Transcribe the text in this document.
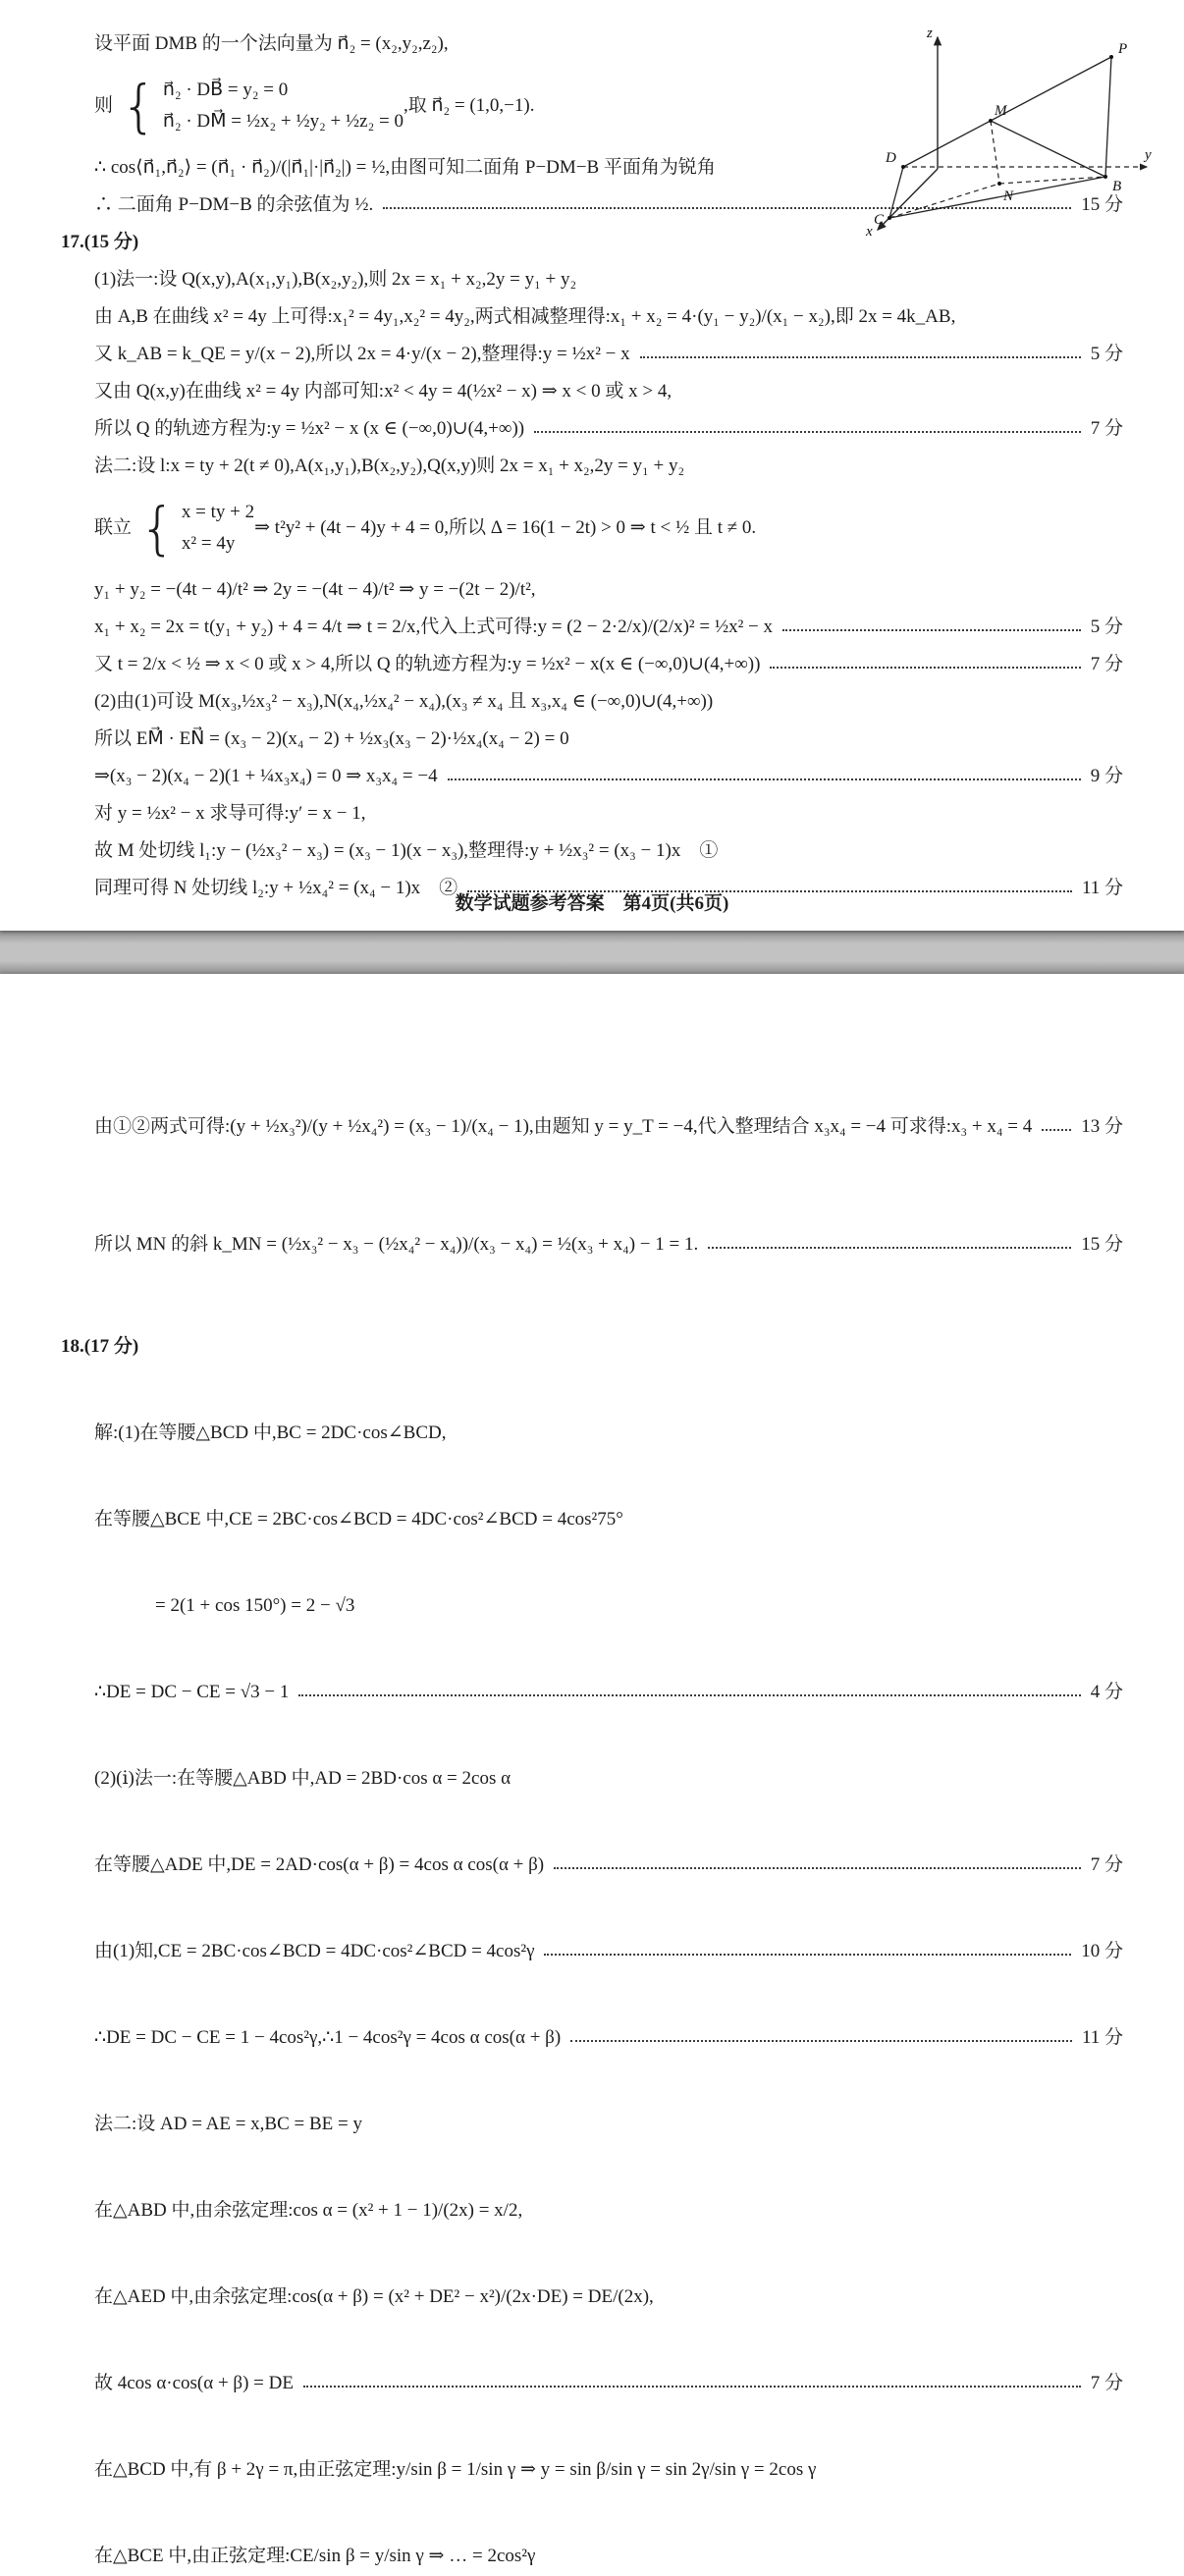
设平面 DMB 的一个法向量为 n⃗₂ = (x₂,y₂,z₂),
则 { n⃗₂ · DB⃗ = y₂ = 0
n⃗₂ · DM⃗ = ½x₂ + ½y₂ + ½z₂ = 0
,取 n⃗₂ = (1,0,−1).
∴ cos⟨n⃗₁,n⃗₂⟩ = (n⃗₁ · n⃗₂)/(|n⃗₁|·|n⃗₂|) = ½,由图可知二面角 P−DM−B 平面角为锐角
∴ 二面角 P−DM−B 的余弦值为 ½.	15 分
17.(15 分)
(1)法一:设 Q(x,y),A(x₁,y₁),B(x₂,y₂),则 2x = x₁ + x₂,2y = y₁ + y₂
由 A,B 在曲线 x² = 4y 上可得:x₁² = 4y₁,x₂² = 4y₂,两式相减整理得:x₁ + x₂ = 4·(y₁ − y₂)/(x₁ − x₂),即 2x = 4k_AB,
又 k_AB = k_QE = y/(x − 2),所以 2x = 4·y/(x − 2),整理得:y = ½x² − x	5 分
又由 Q(x,y)在曲线 x² = 4y 内部可知:x² < 4y = 4(½x² − x) ⇒ x < 0 或 x > 4,
所以 Q 的轨迹方程为:y = ½x² − x (x ∈ (−∞,0)∪(4,+∞))	7 分
法二:设 l:x = ty + 2(t ≠ 0),A(x₁,y₁),B(x₂,y₂),Q(x,y)则 2x = x₁ + x₂,2y = y₁ + y₂
联立 { x = ty + 2
x² = 4y
⇒ t²y² + (4t − 4)y + 4 = 0,所以 Δ = 16(1 − 2t) > 0 ⇒ t < ½ 且 t ≠ 0.
y₁ + y₂ = −(4t − 4)/t² ⇒ 2y = −(4t − 4)/t² ⇒ y = −(2t − 2)/t²,
x₁ + x₂ = 2x = t(y₁ + y₂) + 4 = 4/t ⇒ t = 2/x,代入上式可得:y = (2 − 2·2/x)/(2/x)² = ½x² − x	5 分
又 t = 2/x < ½ ⇒ x < 0 或 x > 4,所以 Q 的轨迹方程为:y = ½x² − x(x ∈ (−∞,0)∪(4,+∞))	7 分
(2)由(1)可设 M(x₃,½x₃² − x₃),N(x₄,½x₄² − x₄),(x₃ ≠ x₄ 且 x₃,x₄ ∈ (−∞,0)∪(4,+∞))
所以 EM⃗ · EN⃗ = (x₃ − 2)(x₄ − 2) + ½x₃(x₃ − 2)·½x₄(x₄ − 2) = 0
⇒(x₃ − 2)(x₄ − 2)(1 + ¼x₃x₄) = 0 ⇒ x₃x₄ = −4	9 分
对 y = ½x² − x 求导可得:y′ = x − 1,
故 M 处切线 l₁:y − (½x₃² − x₃) = (x₃ − 1)(x − x₃),整理得:y + ½x₃² = (x₃ − 1)x　①
同理可得 N 处切线 l₂:y + ½x₄² = (x₄ − 1)x　②	11 分
z
y
x
P
M
D
B
N
C
数学试题参考答案　第4页(共6页)
由①②两式可得:(y + ½x₃²)/(y + ½x₄²) = (x₃ − 1)/(x₄ − 1),由题知 y = y_T = −4,代入整理结合 x₃x₄ = −4 可求得:x₃ + x₄ = 4	13 分
所以 MN 的斜 k_MN = (½x₃² − x₃ − (½x₄² − x₄))/(x₃ − x₄) = ½(x₃ + x₄) − 1 = 1.	15 分
18.(17 分)
解:(1)在等腰△BCD 中,BC = 2DC·cos∠BCD,
在等腰△BCE 中,CE = 2BC·cos∠BCD = 4DC·cos²∠BCD = 4cos²75°
= 2(1 + cos 150°) = 2 − √3
∴DE = DC − CE = √3 − 1	4 分
(2)(ⅰ)法一:在等腰△ABD 中,AD = 2BD·cos α = 2cos α
在等腰△ADE 中,DE = 2AD·cos(α + β) = 4cos α cos(α + β)	7 分
由(1)知,CE = 2BC·cos∠BCD = 4DC·cos²∠BCD = 4cos²γ	10 分
∴DE = DC − CE = 1 − 4cos²γ,∴1 − 4cos²γ = 4cos α cos(α + β)	11 分
法二:设 AD = AE = x,BC = BE = y
在△ABD 中,由余弦定理:cos α = (x² + 1 − 1)/(2x) = x/2,
在△AED 中,由余弦定理:cos(α + β) = (x² + DE² − x²)/(2x·DE) = DE/(2x),
故 4cos α·cos(α + β) = DE	7 分
在△BCD 中,有 β + 2γ = π,由正弦定理:y/sin β = 1/sin γ ⇒ y = sin β/sin γ = sin 2γ/sin γ = 2cos γ
在△BCE 中,由正弦定理:CE/sin β = y/sin γ ⇒ … = 2cos²γ
